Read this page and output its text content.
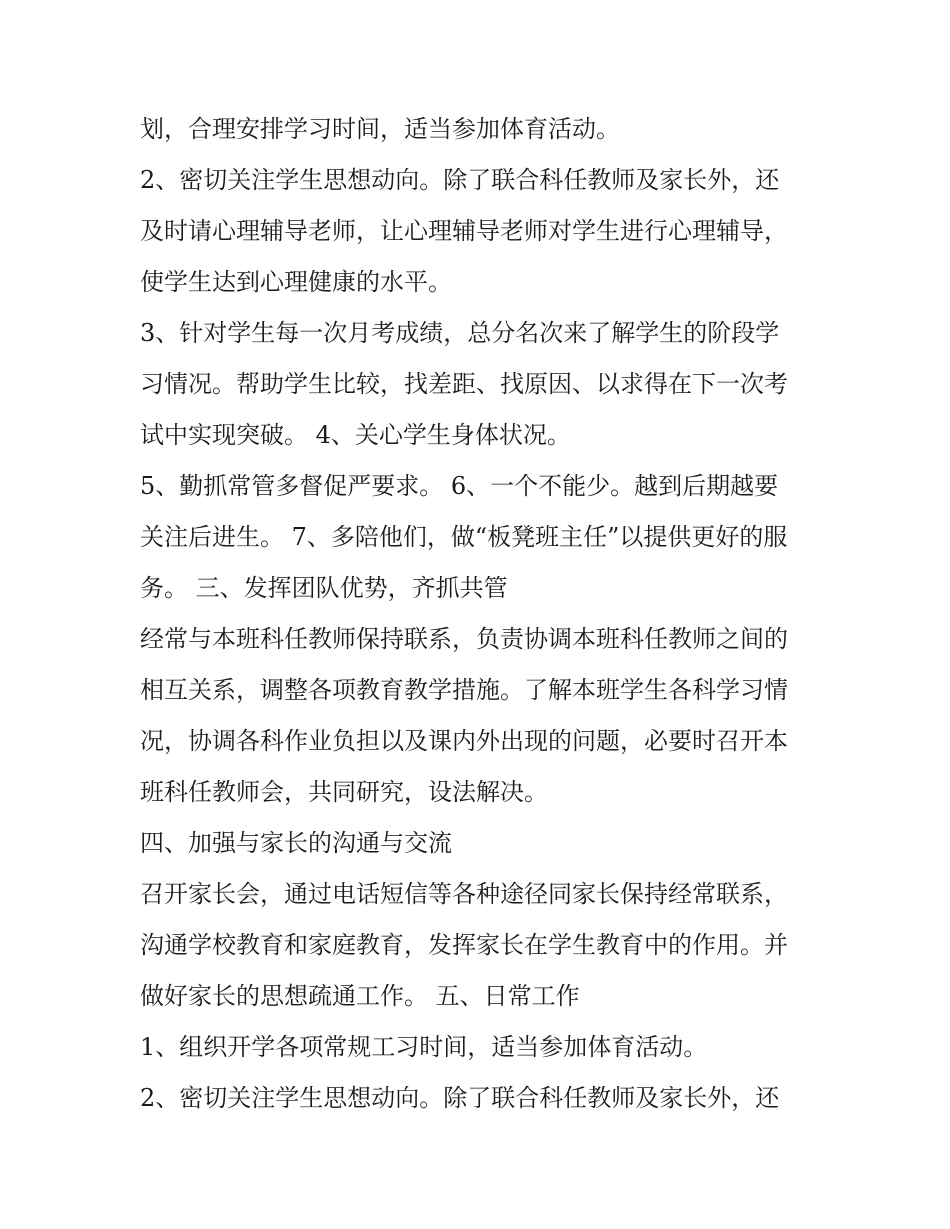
划，合理安排学习时间，适当参加体育活动。

2、密切关注学生思想动向。除了联合科任教师及家长外，还

及时请心理辅导老师，让心理辅导老师对学生进行心理辅导，

使学生达到心理健康的水平。

3、针对学生每一次月考成绩，总分名次来了解学生的阶段学

习情况。帮助学生比较，找差距、找原因、以求得在下一次考

试中实现突破。 4、关心学生身体状况。

5、勤抓常管多督促严要求。 6、一个不能少。越到后期越要

关注后进生。 7、多陪他们，做“板凳班主任”以提供更好的服

务。 三、发挥团队优势，齐抓共管

经常与本班科任教师保持联系，负责协调本班科任教师之间的

相互关系，调整各项教育教学措施。了解本班学生各科学习情

况，协调各科作业负担以及课内外出现的问题，必要时召开本

班科任教师会，共同研究，设法解决。

四、加强与家长的沟通与交流

召开家长会，通过电话短信等各种途径同家长保持经常联系，

沟通学校教育和家庭教育，发挥家长在学生教育中的作用。并

做好家长的思想疏通工作。 五、日常工作

1、组织开学各项常规工习时间，适当参加体育活动。

2、密切关注学生思想动向。除了联合科任教师及家长外，还
